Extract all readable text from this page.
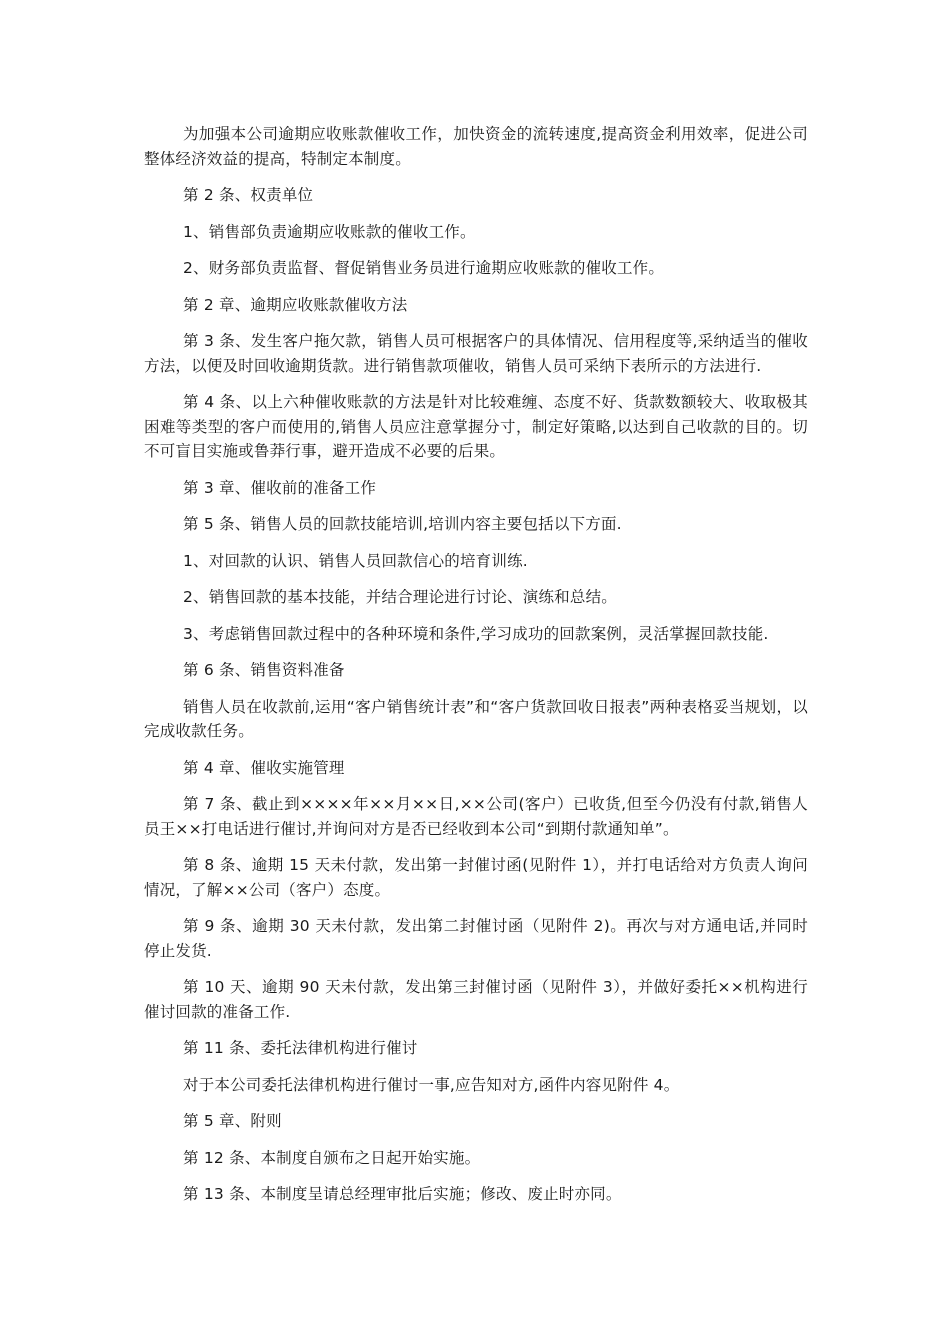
为加强本公司逾期应收账款催收工作，加快资金的流转速度,提高资金利用效率，促进公司整体经济效益的提高，特制定本制度。

第 2 条、权责单位

1、销售部负责逾期应收账款的催收工作。

2、财务部负责监督、督促销售业务员进行逾期应收账款的催收工作。

第 2 章、逾期应收账款催收方法

第 3 条、发生客户拖欠款，销售人员可根据客户的具体情况、信用程度等,采纳适当的催收方法，以便及时回收逾期货款。进行销售款项催收，销售人员可采纳下表所示的方法进行.

第 4 条、以上六种催收账款的方法是针对比较难缠、态度不好、货款数额较大、收取极其困难等类型的客户而使用的,销售人员应注意掌握分寸，制定好策略,以达到自己收款的目的。切不可盲目实施或鲁莽行事，避开造成不必要的后果。

第 3 章、催收前的准备工作

第 5 条、销售人员的回款技能培训,培训内容主要包括以下方面.

1、对回款的认识、销售人员回款信心的培育训练.

2、销售回款的基本技能，并结合理论进行讨论、演练和总结。

3、考虑销售回款过程中的各种环境和条件,学习成功的回款案例，灵活掌握回款技能.

第 6 条、销售资料准备

销售人员在收款前,运用“客户销售统计表”和“客户货款回收日报表”两种表格妥当规划，以完成收款任务。

第 4 章、催收实施管理

第 7 条、截止到××××年××月××日,××公司(客户）已收货,但至今仍没有付款,销售人员王××打电话进行催讨,并询问对方是否已经收到本公司“到期付款通知单”。

第 8 条、逾期 15 天未付款，发出第一封催讨函(见附件 1），并打电话给对方负责人询问情况，了解××公司（客户）态度。

第 9 条、逾期 30 天未付款，发出第二封催讨函（见附件 2)。再次与对方通电话,并同时停止发货.

第 10 天、逾期 90 天未付款，发出第三封催讨函（见附件 3），并做好委托××机构进行催讨回款的准备工作.

第 11 条、委托法律机构进行催讨

对于本公司委托法律机构进行催讨一事,应告知对方,函件内容见附件 4。

第 5 章、附则

第 12 条、本制度自颁布之日起开始实施。

第 13 条、本制度呈请总经理审批后实施；修改、废止时亦同。
